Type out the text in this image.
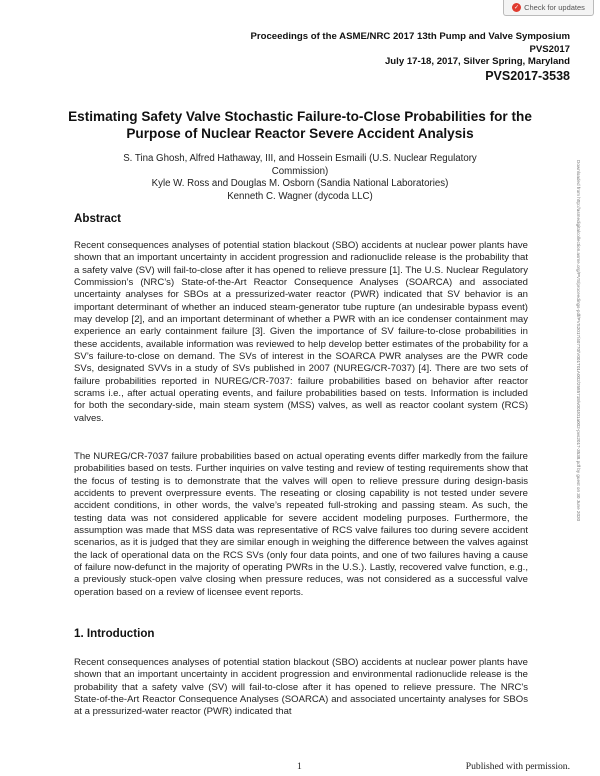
✓ Check for updates
Proceedings of the ASME/NRC 2017 13th Pump and Valve Symposium
PVS2017
July 17-18, 2017, Silver Spring, Maryland
PVS2017-3538
Estimating Safety Valve Stochastic Failure-to-Close Probabilities for the Purpose of Nuclear Reactor Severe Accident Analysis
S. Tina Ghosh, Alfred Hathaway, III, and Hossein Esmaili (U.S. Nuclear Regulatory Commission)
Kyle W. Ross and Douglas M. Osborn (Sandia National Laboratories)
Kenneth C. Wagner (dycoda LLC)
Abstract

Recent consequences analyses of potential station blackout (SBO) accidents at nuclear power plants have shown that an important uncertainty in accident progression and radionuclide release is the probability that a safety valve (SV) will fail-to-close after it has opened to relieve pressure [1]. The U.S. Nuclear Regulatory Commission’s (NRC’s) State-of-the-Art Reactor Consequence Analyses (SOARCA) and associated uncertainty analyses for SBOs at a pressurized-water reactor (PWR) indicated that SV behavior is an important determinant of whether an induced steam-generator tube rupture (an undesirable bypass event) may develop [2], and an important determinant of whether a PWR with an ice condenser containment may experience an early containment failure [3]. Given the importance of SV failure-to-close probabilities in these accidents, available information was reviewed to help develop better estimates of the probability for a SV’s failure-to-close on demand. The SVs of interest in the SOARCA PWR analyses are the PWR code SVs, designated SVVs in a study of SVs published in 2007 (NUREG/CR-7037) [4]. There are two sets of failure probabilities reported in NUREG/CR-7037: failure probabilities based on behavior after reactor scrams i.e., after actual operating events, and failure probabilities based on tests. Information is included for both the secondary-side, main steam system (MSS) valves, as well as reactor coolant system (RCS) valves.

The NUREG/CR-7037 failure probabilities based on actual operating events differ markedly from the failure probabilities based on tests. Further inquiries on valve testing and review of testing requirements show that the focus of testing is to demonstrate that the valves will open to relieve pressure during design-basis accidents to prevent overpressure events. The reseating or closing capability is not tested under severe accident conditions, in other words, the valve’s repeated full-stroking and passing steam. As such, the testing data was not considered applicable for severe accident modeling purposes. Furthermore, the assumption was made that MSS data was representative of RCS valve failures too during severe accident scenarios, as it is judged that they are similar enough in weighing the difference between the valves against the lack of operational data on the RCS SVs (only four data points, and one of two failures having a cause of failure now-defunct in the majority of operating PWRs in the U.S.). Lastly, recovered valve function, e.g., a previously stuck-open valve closing when pressure reduces, was not considered as a successful valve operation based on a review of licensee event reports.

1. Introduction

Recent consequences analyses of potential station blackout (SBO) accidents at nuclear power plants have shown that an important uncertainty in accident progression and environmental radionuclide release is the probability that a safety valve (SV) will fail-to-close after it has opened to relieve pressure. The NRC's State-of-the-Art Reactor Consequence Analyses (SOARCA) and associated uncertainty analyses for SBOs at a pressurized-water reactor (PWR) indicated that

Downloaded from http://asmedigitalcollection.asme.org/PVS/proceedings-pdf/PVS2017/40770/V001T01A002/2585718/v001t01a002-pvs2017-3538.pdf by guest on 30 June 2020
1	Published with permission.
